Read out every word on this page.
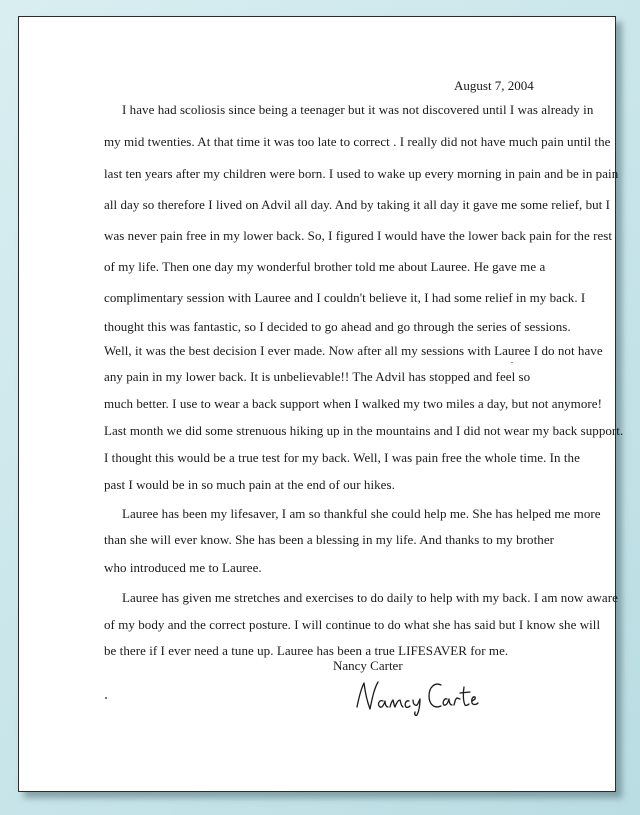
August 7, 2004
I have had scoliosis since being a teenager but it was not discovered until I was already in
my mid twenties. At that time it was too late to correct . I really did not have much pain until the
last ten years after my children were born. I used to wake up every morning in pain and be in pain
all day so therefore I lived on Advil all day. And by taking it all day it gave me some relief, but I
was never pain free in my lower back. So, I figured I would have the lower back pain for the rest
of my life. Then one day my wonderful brother told me about Lauree. He gave me a
complimentary session with Lauree and I couldn't believe it, I had some relief in my back. I
thought this was fantastic, so I decided to go ahead and go through the series of sessions.
Well, it was the best decision I ever made. Now after all my sessions with Lauree I do not have
any pain in my lower back. It is unbelievable!! The Advil has stopped and feel so
much better. I use to wear a back support when I walked my two miles a day, but not anymore!
Last month we did some strenuous hiking up in the mountains and I did not wear my back support.
I thought this would be a true test for my back. Well, I was pain free the whole time. In the
past I would be in so much pain at the end of our hikes.
Lauree has been my lifesaver, I am so thankful she could help me. She has helped me more
than she will ever know. She has been a blessing in my life. And thanks to my brother
who introduced me to Lauree.
Lauree has given me stretches and exercises to do daily to help with my back. I am now aware
of my body and the correct posture. I will continue to do what she has said but I know she will
be there if I ever need a tune up. Lauree has been a true LIFESAVER for me.
Nancy Carter
